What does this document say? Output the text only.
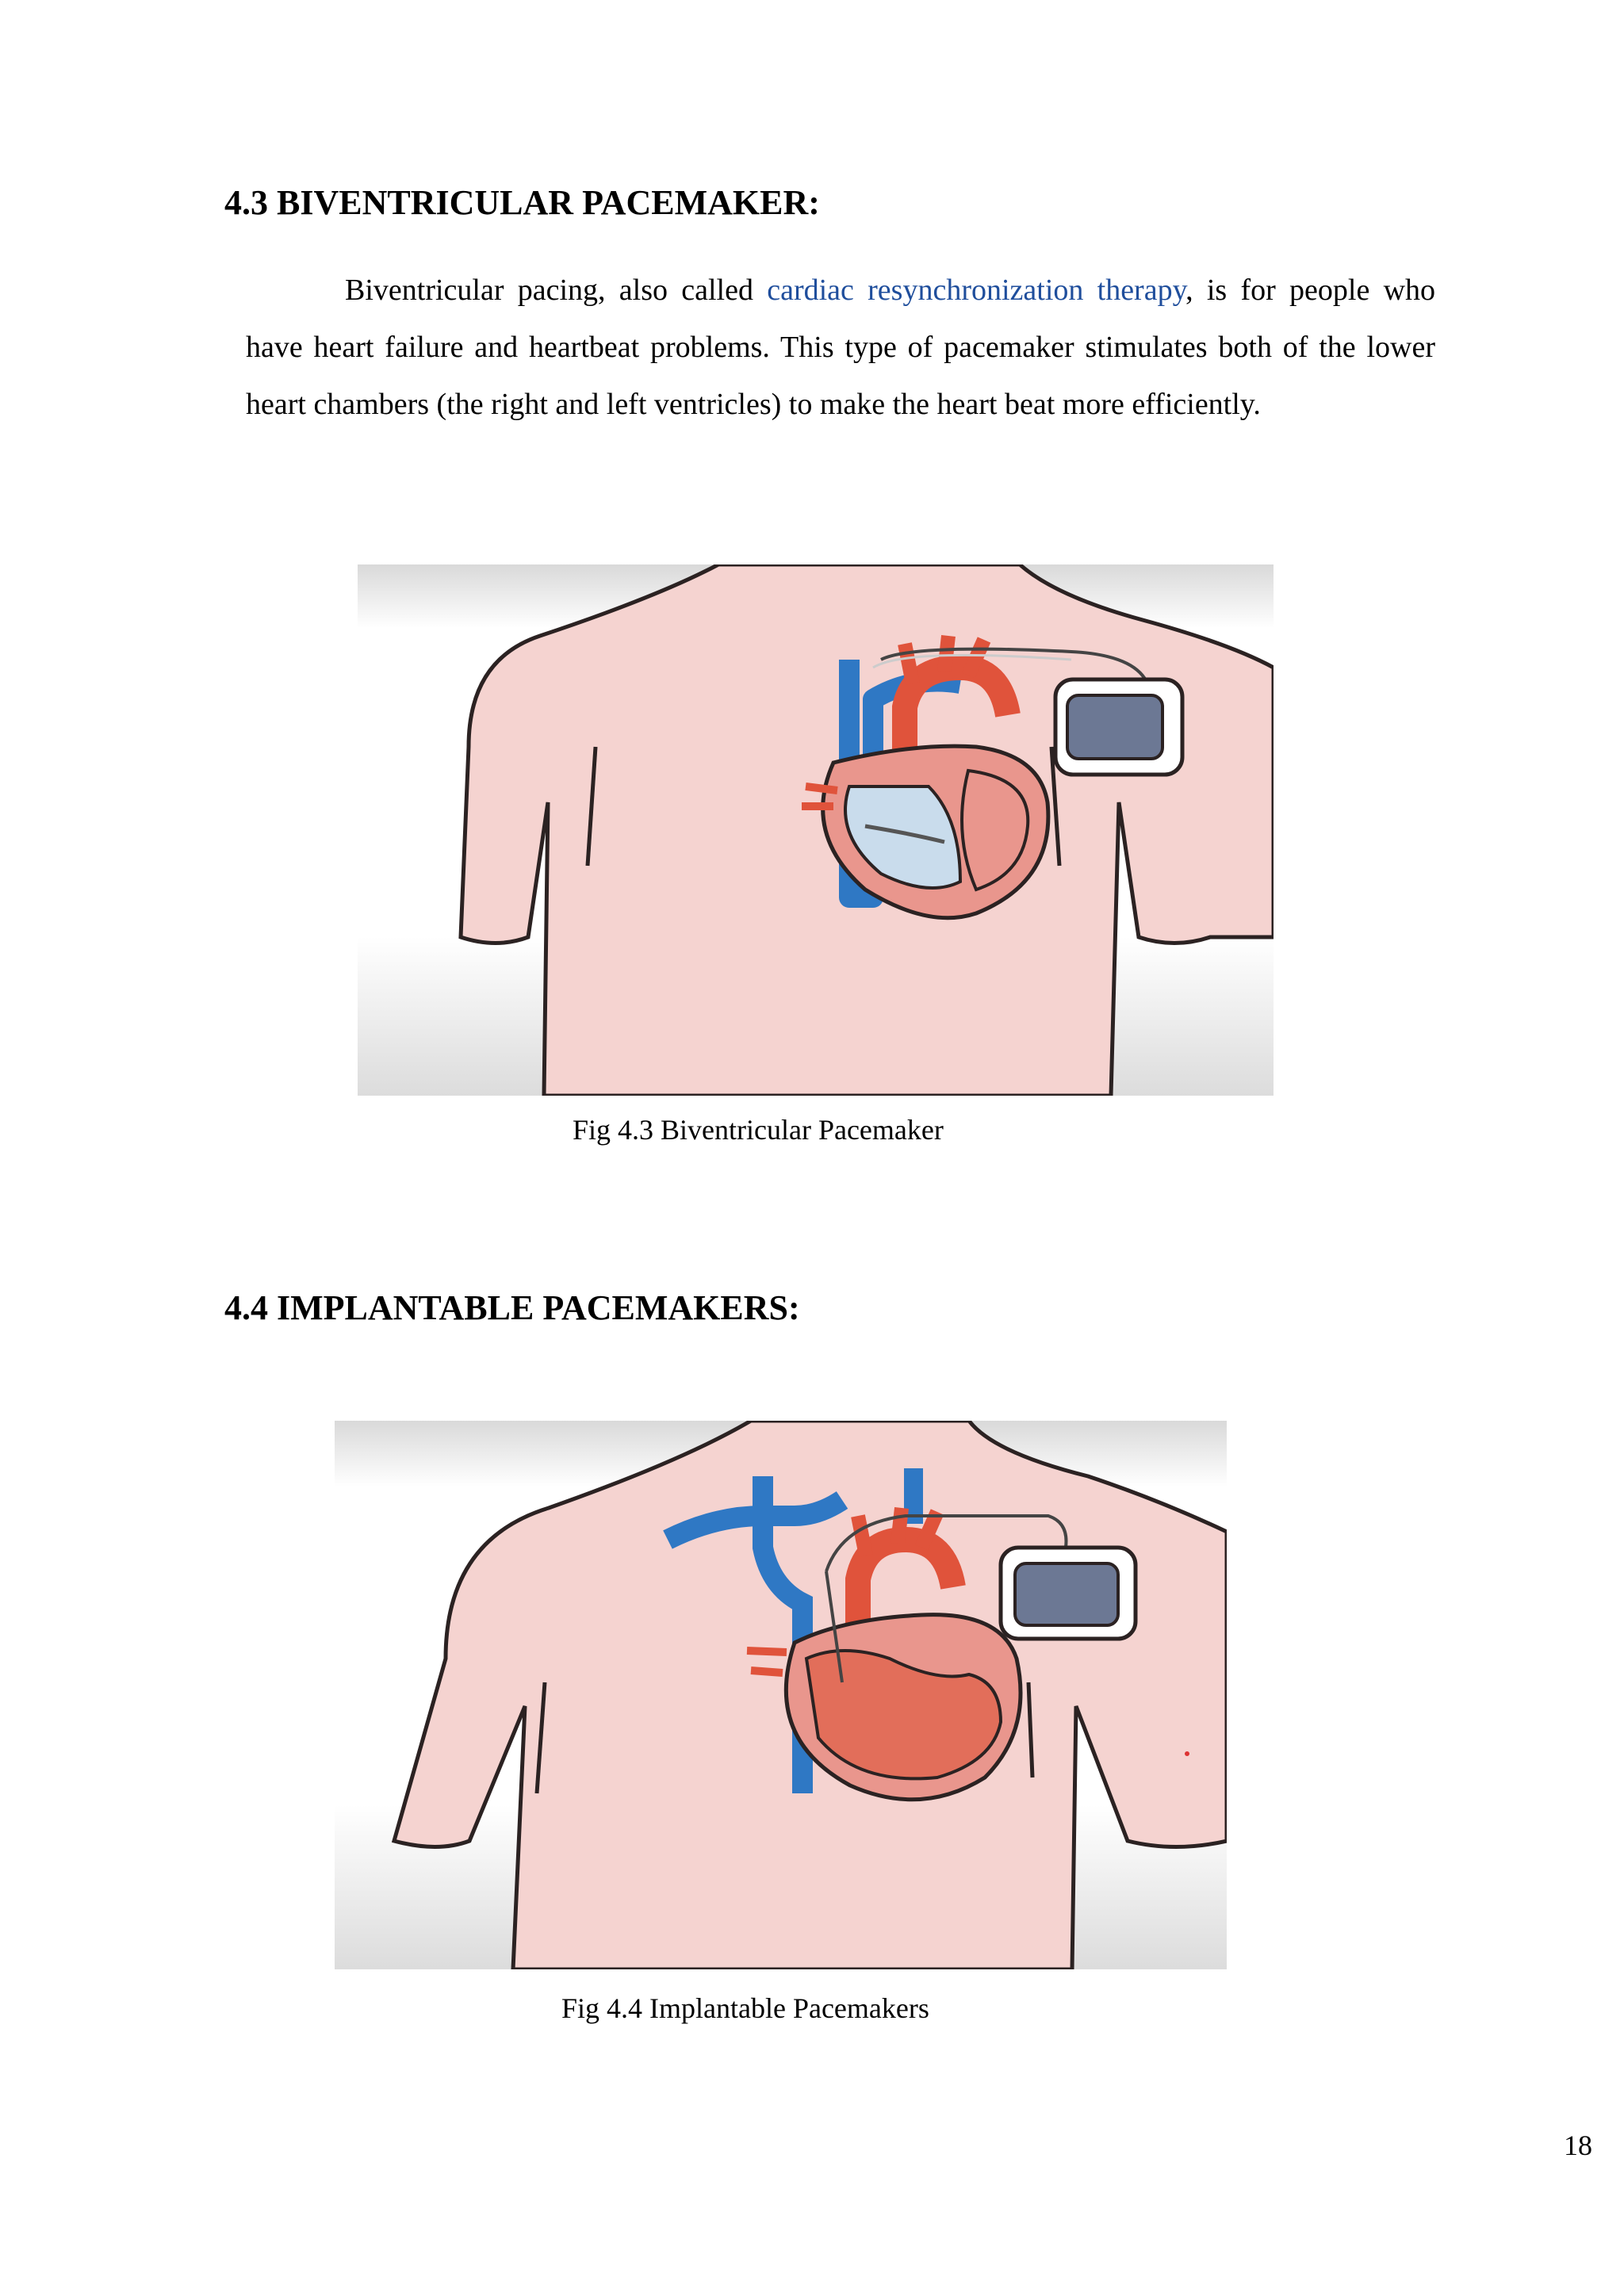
4.3 BIVENTRICULAR PACEMAKER:

Biventricular pacing, also called cardiac resynchronization therapy, is for people who have heart failure and heartbeat problems. This type of pacemaker stimulates both of the lower heart chambers (the right and left ventricles) to make the heart beat more efficiently.

Fig 4.3 Biventricular Pacemaker

4.4 IMPLANTABLE PACEMAKERS:

Fig 4.4 Implantable Pacemakers

18
